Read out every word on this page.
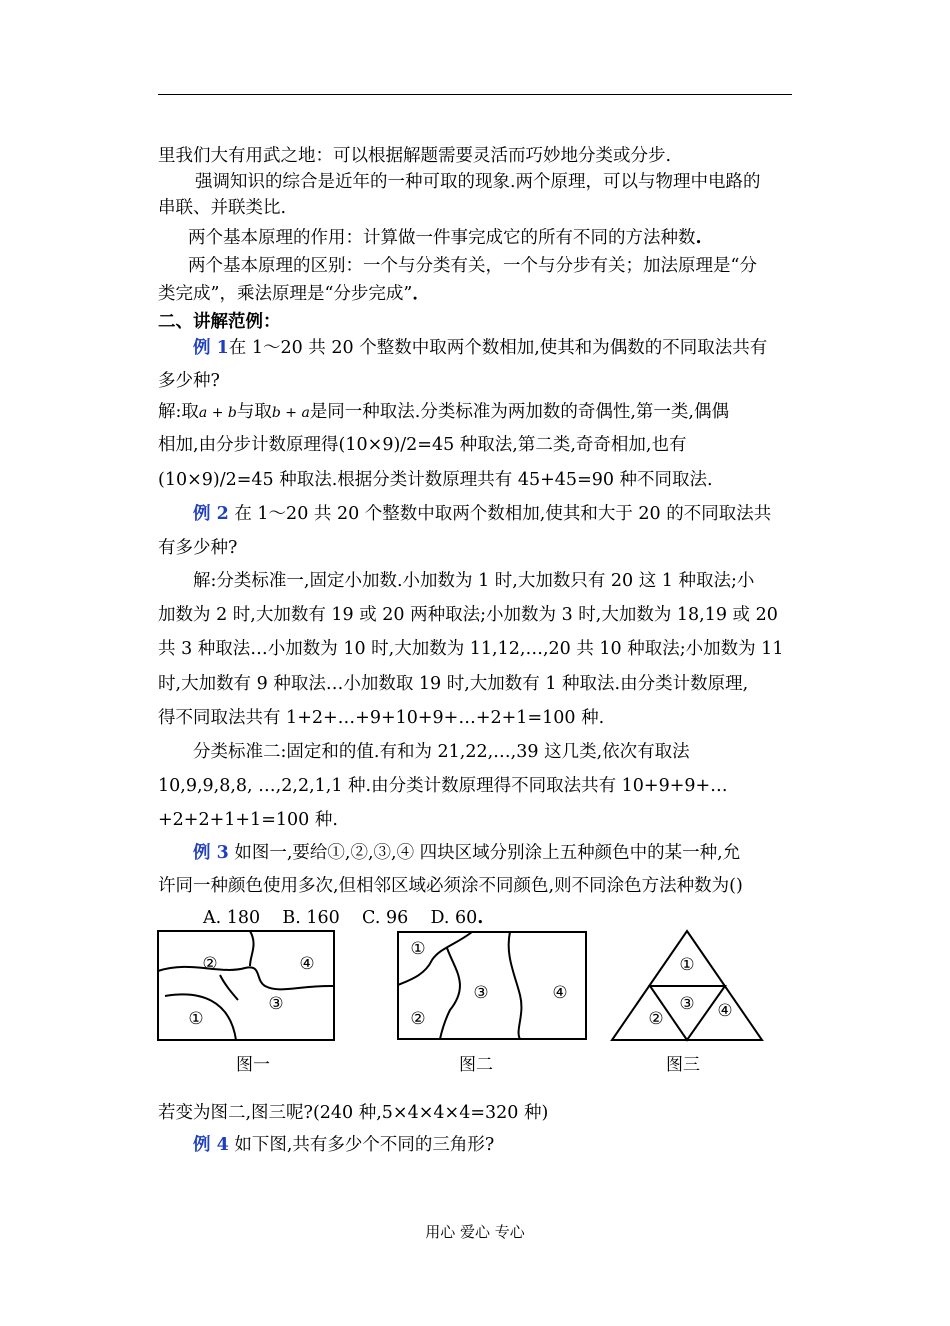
里我们大有用武之地：可以根据解题需要灵活而巧妙地分类或分步.
强调知识的综合是近年的一种可取的现象.两个原理，可以与物理中电路的
串联、并联类比.
两个基本原理的作用：计算做一件事完成它的所有不同的方法种数.
两个基本原理的区别：一个与分类有关，一个与分步有关；加法原理是“分
类完成”，乘法原理是“分步完成”．
二、讲解范例：
例 1在 1～20 共 20 个整数中取两个数相加,使其和为偶数的不同取法共有
多少种?
解:取a + b与取b + a是同一种取法.分类标准为两加数的奇偶性,第一类,偶偶
相加,由分步计数原理得(10×9)/2=45 种取法,第二类,奇奇相加,也有
(10×9)/2=45 种取法.根据分类计数原理共有 45+45=90 种不同取法.
例 2 在 1～20 共 20 个整数中取两个数相加,使其和大于 20 的不同取法共
有多少种?
解:分类标准一,固定小加数.小加数为 1 时,大加数只有 20 这 1 种取法;小
加数为 2 时,大加数有 19 或 20 两种取法;小加数为 3 时,大加数为 18,19 或 20
共 3 种取法…小加数为 10 时,大加数为 11,12,…,20 共 10 种取法;小加数为 11
时,大加数有 9 种取法…小加数取 19 时,大加数有 1 种取法.由分类计数原理,
得不同取法共有 1+2+…+9+10+9+…+2+1=100 种.
分类标准二:固定和的值.有和为 21,22,…,39 这几类,依次有取法
10,9,9,8,8, …,2,2,1,1 种.由分类计数原理得不同取法共有 10+9+9+…
+2+2+1+1=100 种.
例 3 如图一,要给①,②,③,④ 四块区域分别涂上五种颜色中的某一种,允
许同一种颜色使用多次,但相邻区域必须涂不同颜色,则不同涂色方法种数为()
A. 180    B. 160    C. 96    D. 60.
②	④
③
①
①
③	④
②
①
③
②	④
图一	图二	图三
若变为图二,图三呢?(240 种,5×4×4×4=320 种)
例 4 如下图,共有多少个不同的三角形?
用心 爱心 专心
